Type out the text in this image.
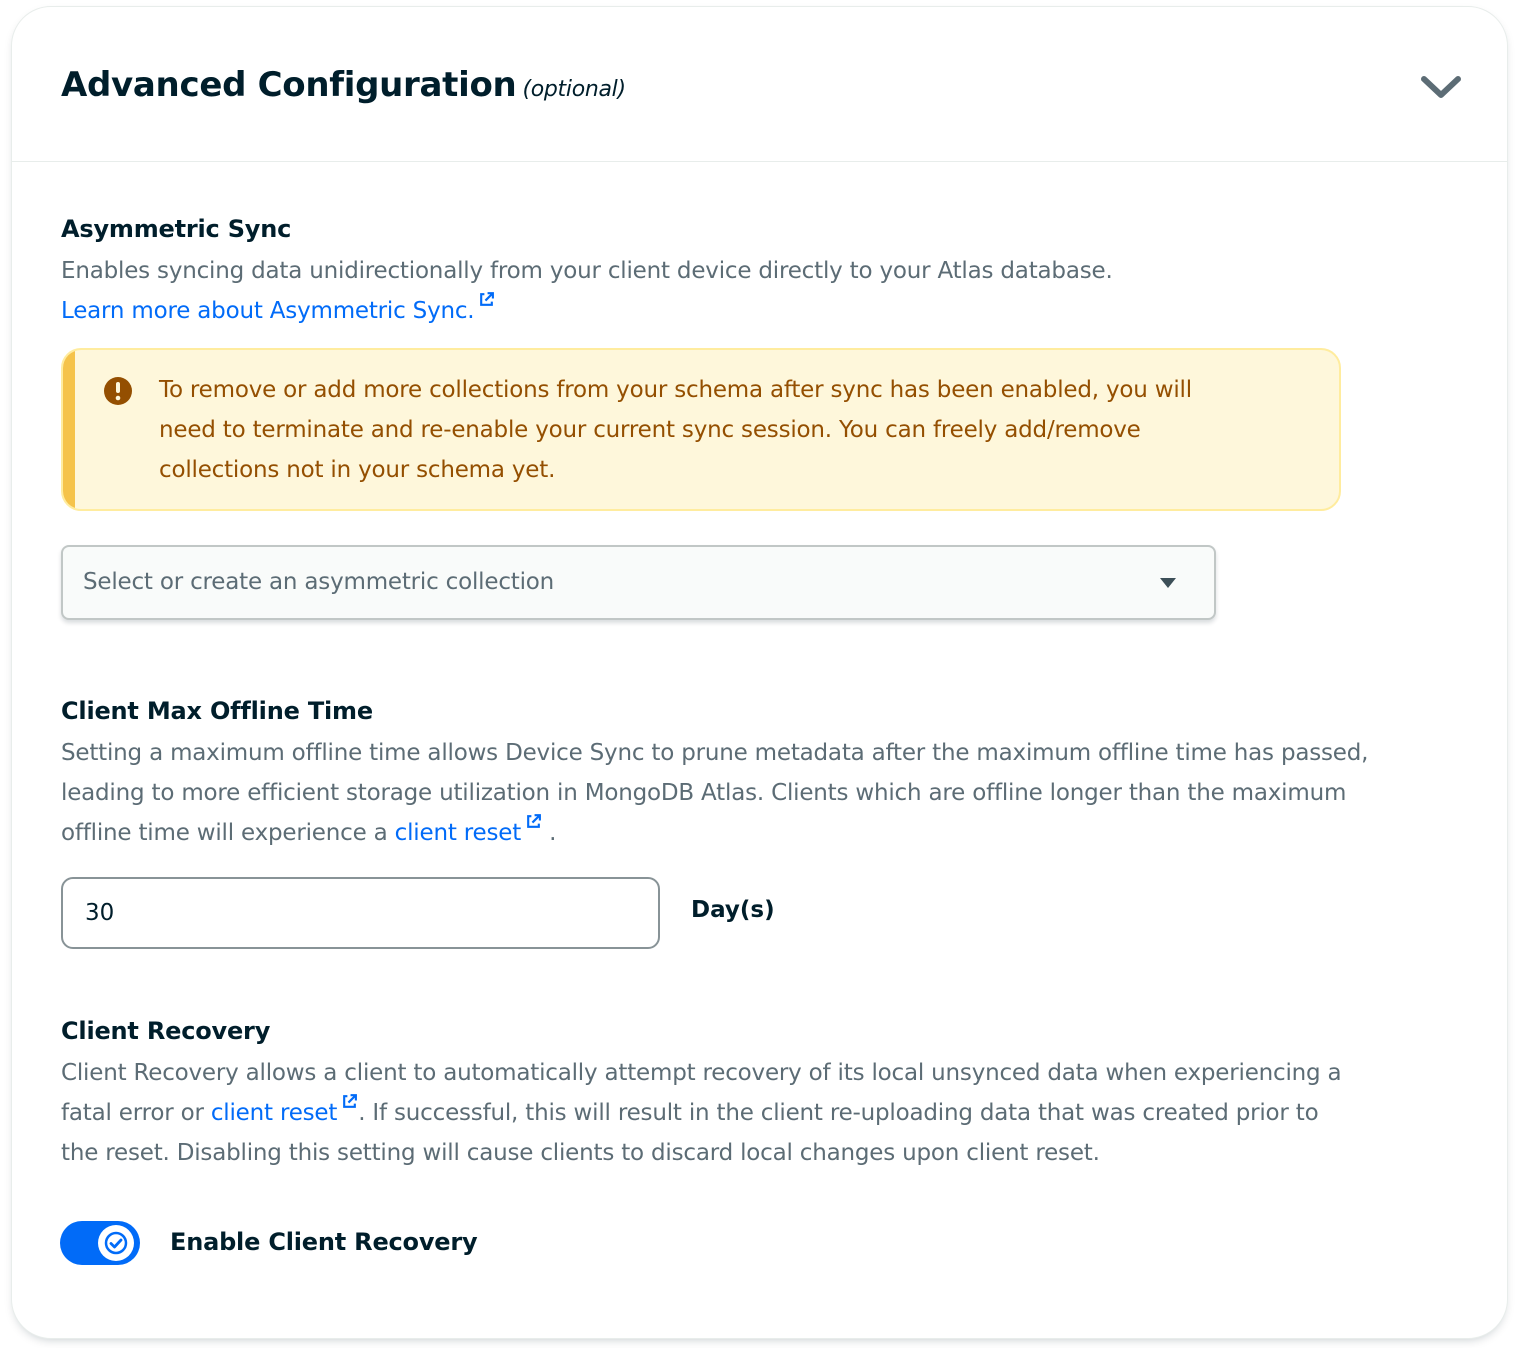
Advanced Configuration (optional)
Asymmetric Sync
Enables syncing data unidirectionally from your client device directly to your Atlas database.
Learn more about Asymmetric Sync.
To remove or add more collections from your schema after sync has been enabled, you will
need to terminate and re-enable your current sync session. You can freely add/remove
collections not in your schema yet.
Select or create an asymmetric collection
Client Max Offline Time
Setting a maximum offline time allows Device Sync to prune metadata after the maximum offline time has passed,
leading to more efficient storage utilization in MongoDB Atlas. Clients which are offline longer than the maximum
offline time will experience a client reset .
30
Day(s)
Client Recovery
Client Recovery allows a client to automatically attempt recovery of its local unsynced data when experiencing a
fatal error or client reset . If successful, this will result in the client re-uploading data that was created prior to
the reset. Disabling this setting will cause clients to discard local changes upon client reset.
Enable Client Recovery
